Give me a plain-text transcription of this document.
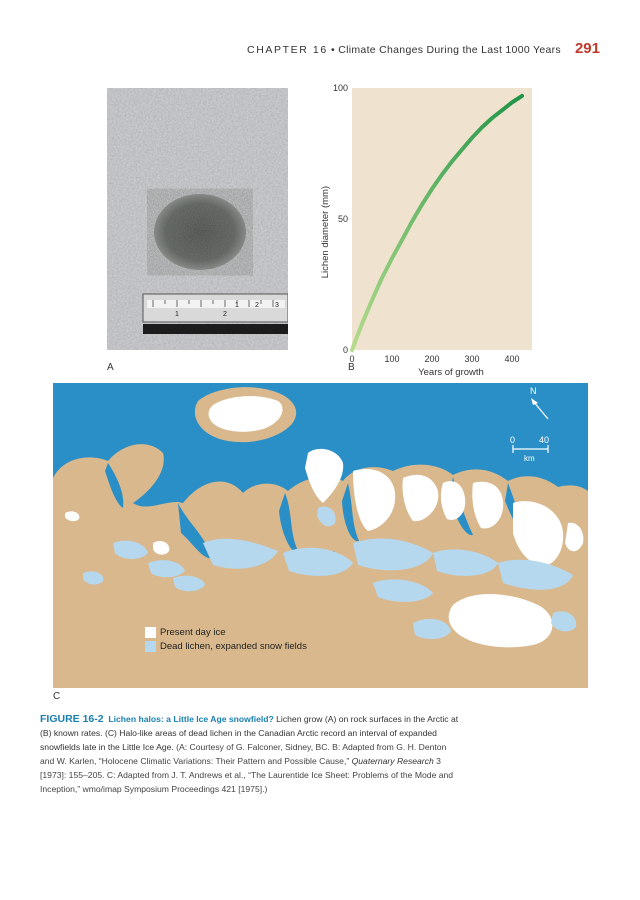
CHAPTER 16 • Climate Changes During the Last 1000 Years 291
1	2
1 2 3
A
0
50
100
0	100	200	300	400
Lichen diameter (mm)
Years of growth
B
N
0	40
km
C
Present day ice
Dead lichen, expanded snow fields
FIGURE 16-2 Lichen halos: a Little Ice Age snowfield? Lichen grow (A) on rock surfaces in the Arctic at (B) known rates. (C) Halo-like areas of dead lichen in the Canadian Arctic record an interval of expanded snowfields late in the Little Ice Age. (A: Courtesy of G. Falconer, Sidney, BC. B: Adapted from G. H. Denton and W. Karlen, “Holocene Climatic Variations: Their Pattern and Possible Cause,” Quaternary Research 3 [1973]: 155–205. C: Adapted from J. T. Andrews et al., “The Laurentide Ice Sheet: Problems of the Mode and Inception,” wmo/imap Symposium Proceedings 421 [1975].)
